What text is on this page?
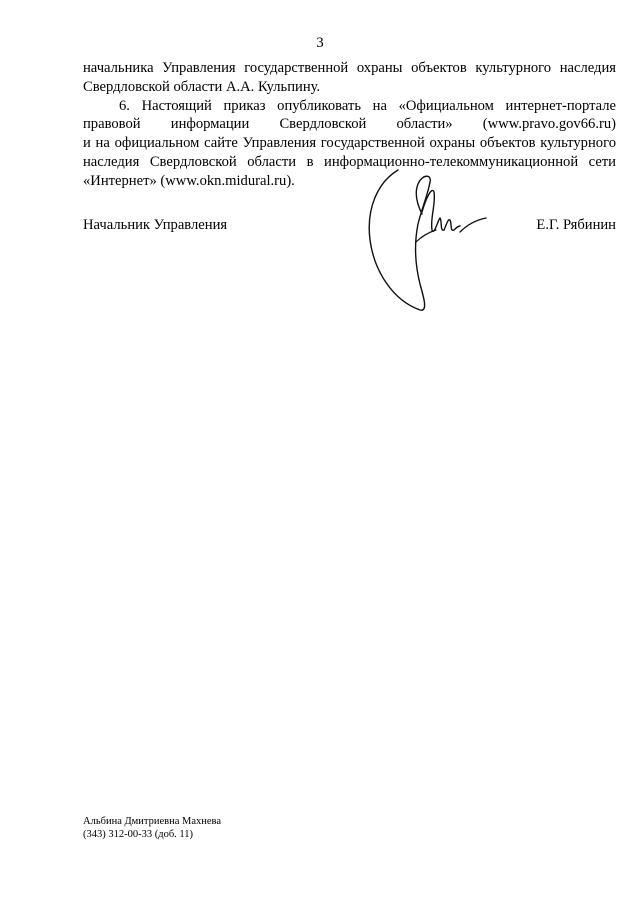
3
начальника Управления государственной охраны объектов культурного наследия
Свердловской области А.А. Кульпину.
6. Настоящий приказ опубликовать на «Официальном интернет-портале
правовой информации Свердловской области» (www.pravo.gov66.ru)
и на официальном сайте Управления государственной охраны объектов культурного
наследия Свердловской области в информационно-телекоммуникационной сети
«Интернет» (www.okn.midural.ru).
Начальник Управления	Е.Г. Рябинин
Альбина Дмитриевна Махнева
(343) 312-00-33 (доб. 11)
